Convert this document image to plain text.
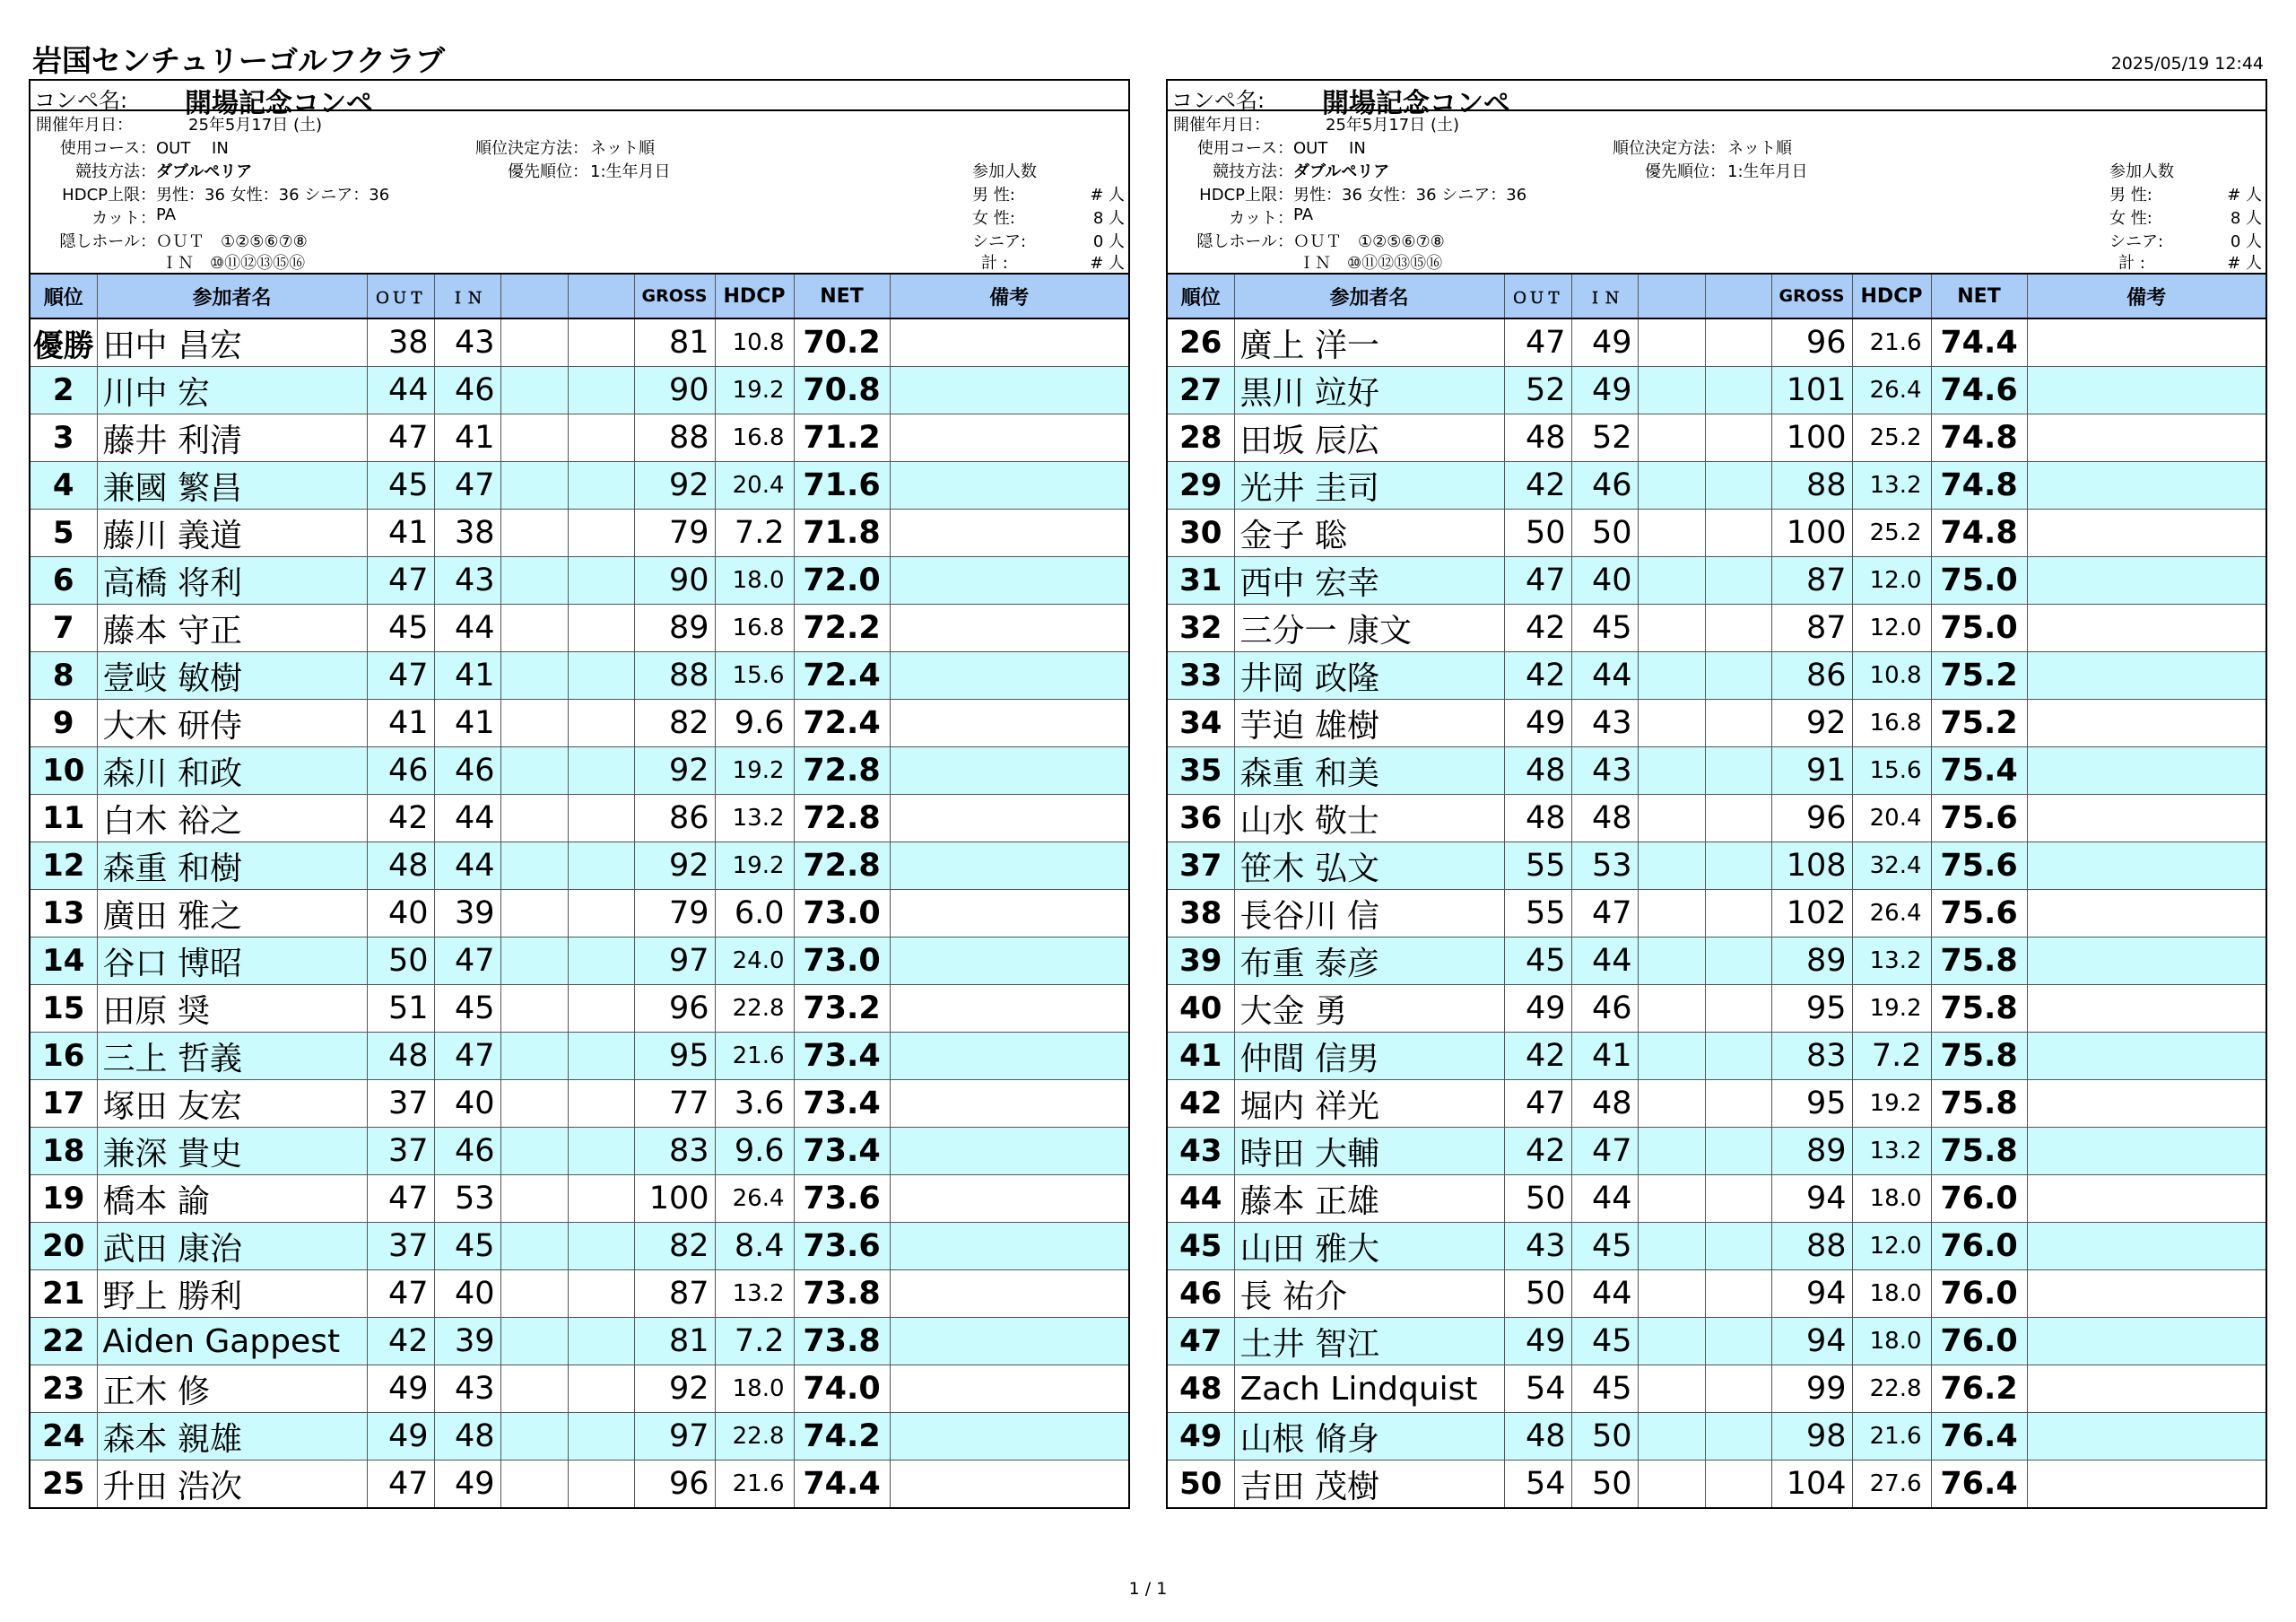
岩国センチュリーゴルフクラブ	2025/05/19 12:44
コンペ名: 開場記念コンペ
開催年月日：	25年5月17日 (土)
使用コース： OUT　 IN	順位決定方法： ネット順
競技方法： ダブルペリア	優先順位： 1:生年月日	参加人数
HDCP上限： 男性：36 女性：36 シニア：36	男 性:	# 人
カット： PA	女 性:	8 人
隠しホール： ＯＵＴ　①②⑤⑥⑦⑧	シニア:	0 人
ＩＮ　⑩⑪⑫⑬⑮⑯	計 :	# 人
順位	参加者名	ＯＵＴ	ＩＮ			GROSS	HDCP	NET	備考
優勝	田中 昌宏	38	43			81	10.8	70.2	
2	川中 宏	44	46			90	19.2	70.8	
3	藤井 利清	47	41			88	16.8	71.2	
4	兼國 繁昌	45	47			92	20.4	71.6	
5	藤川 義道	41	38			79	7.2	71.8	
6	高橋 将利	47	43			90	18.0	72.0	
7	藤本 守正	45	44			89	16.8	72.2	
8	壹岐 敏樹	47	41			88	15.6	72.4	
9	大木 研侍	41	41			82	9.6	72.4	
10	森川 和政	46	46			92	19.2	72.8	
11	白木 裕之	42	44			86	13.2	72.8	
12	森重 和樹	48	44			92	19.2	72.8	
13	廣田 雅之	40	39			79	6.0	73.0	
14	谷口 博昭	50	47			97	24.0	73.0	
15	田原 奨	51	45			96	22.8	73.2	
16	三上 哲義	48	47			95	21.6	73.4	
17	塚田 友宏	37	40			77	3.6	73.4	
18	兼深 貴史	37	46			83	9.6	73.4	
19	橋本 諭	47	53			100	26.4	73.6	
20	武田 康治	37	45			82	8.4	73.6	
21	野上 勝利	47	40			87	13.2	73.8	
22	Aiden Gappest	42	39			81	7.2	73.8	
23	正木 修	49	43			92	18.0	74.0	
24	森本 親雄	49	48			97	22.8	74.2	
25	升田 浩次	47	49			96	21.6	74.4	
コンペ名: 開場記念コンペ
開催年月日：	25年5月17日 (土)
使用コース： OUT　 IN	順位決定方法： ネット順
競技方法： ダブルペリア	優先順位： 1:生年月日	参加人数
HDCP上限： 男性：36 女性：36 シニア：36	男 性:	# 人
カット： PA	女 性:	8 人
隠しホール： ＯＵＴ　①②⑤⑥⑦⑧	シニア:	0 人
ＩＮ　⑩⑪⑫⑬⑮⑯	計 :	# 人
順位	参加者名	ＯＵＴ	ＩＮ			GROSS	HDCP	NET	備考
26	廣上 洋一	47	49			96	21.6	74.4	
27	黒川 竝好	52	49			101	26.4	74.6	
28	田坂 辰広	48	52			100	25.2	74.8	
29	光井 圭司	42	46			88	13.2	74.8	
30	金子 聡	50	50			100	25.2	74.8	
31	西中 宏幸	47	40			87	12.0	75.0	
32	三分一 康文	42	45			87	12.0	75.0	
33	井岡 政隆	42	44			86	10.8	75.2	
34	芋迫 雄樹	49	43			92	16.8	75.2	
35	森重 和美	48	43			91	15.6	75.4	
36	山水 敬士	48	48			96	20.4	75.6	
37	笹木 弘文	55	53			108	32.4	75.6	
38	長谷川 信	55	47			102	26.4	75.6	
39	布重 泰彦	45	44			89	13.2	75.8	
40	大金 勇	49	46			95	19.2	75.8	
41	仲間 信男	42	41			83	7.2	75.8	
42	堀内 祥光	47	48			95	19.2	75.8	
43	時田 大輔	42	47			89	13.2	75.8	
44	藤本 正雄	50	44			94	18.0	76.0	
45	山田 雅大	43	45			88	12.0	76.0	
46	長 祐介	50	44			94	18.0	76.0	
47	土井 智江	49	45			94	18.0	76.0	
48	Zach Lindquist	54	45			99	22.8	76.2	
49	山根 脩身	48	50			98	21.6	76.4	
50	吉田 茂樹	54	50			104	27.6	76.4	
1 / 1
